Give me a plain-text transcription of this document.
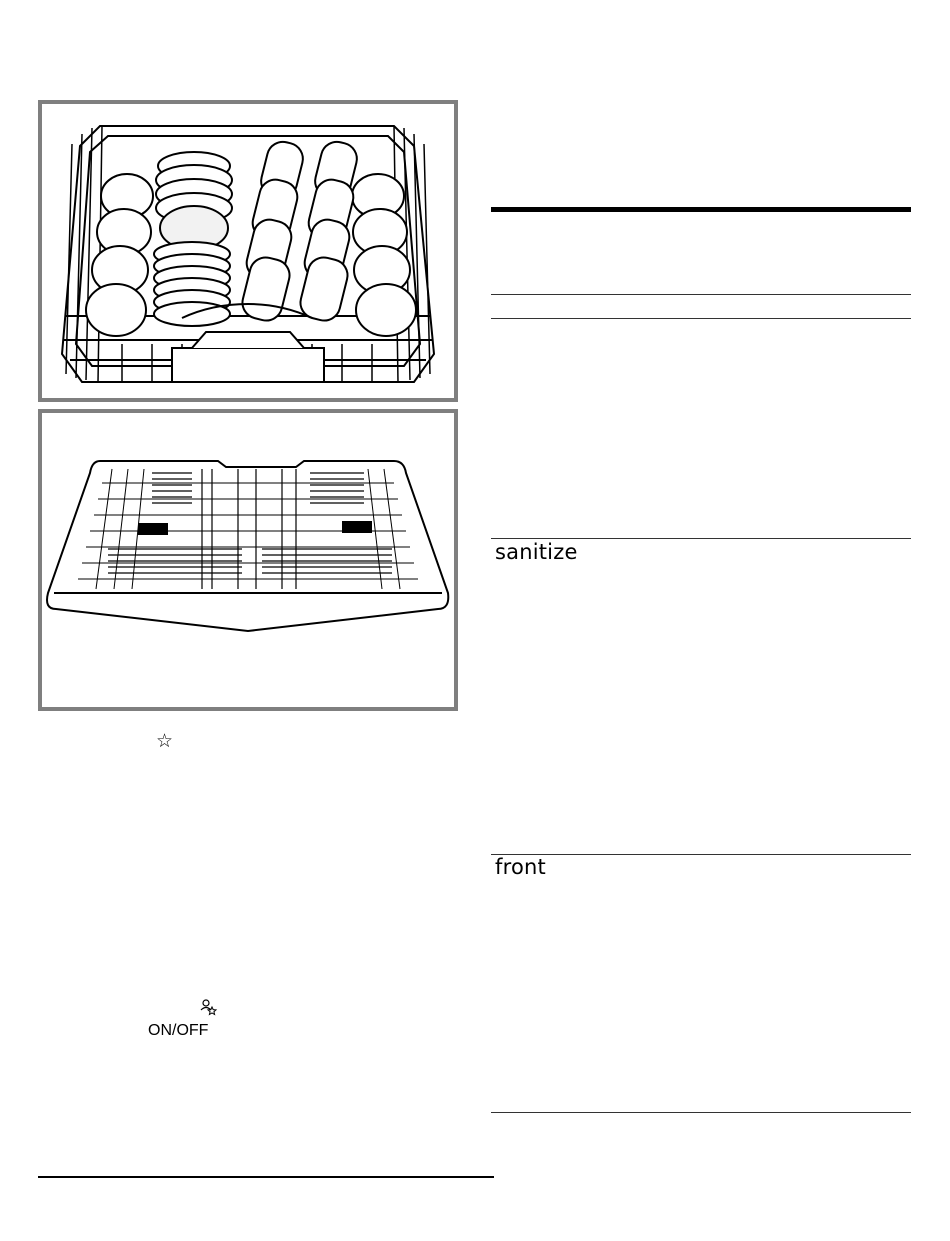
☆
ON/OFF
sanitize
front
